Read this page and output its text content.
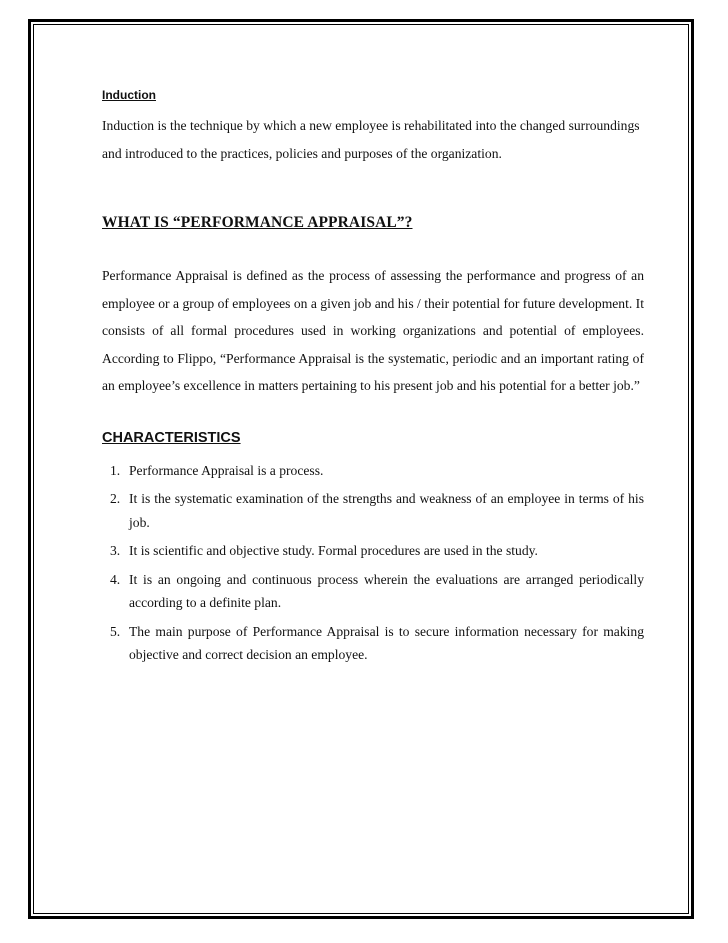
Induction

Induction is the technique by which a new employee is rehabilitated into the changed surroundings and introduced to the practices, policies and purposes of the organization.

WHAT IS “PERFORMANCE APPRAISAL”?

Performance Appraisal is defined as the process of assessing the performance and progress of an employee or a group of employees on a given job and his / their potential for future development. It consists of all formal procedures used in working organizations and potential of employees. According to Flippo, “Performance Appraisal is the systematic, periodic and an important rating of an employee’s excellence in matters pertaining to his present job and his potential for a better job.”

CHARACTERISTICS

1. Performance Appraisal is a process.
2. It is the systematic examination of the strengths and weakness of an employee in terms of his job.
3. It is scientific and objective study. Formal procedures are used in the study.
4. It is an ongoing and continuous process wherein the evaluations are arranged periodically according to a definite plan.
5. The main purpose of Performance Appraisal is to secure information necessary for making objective and correct decision an employee.
